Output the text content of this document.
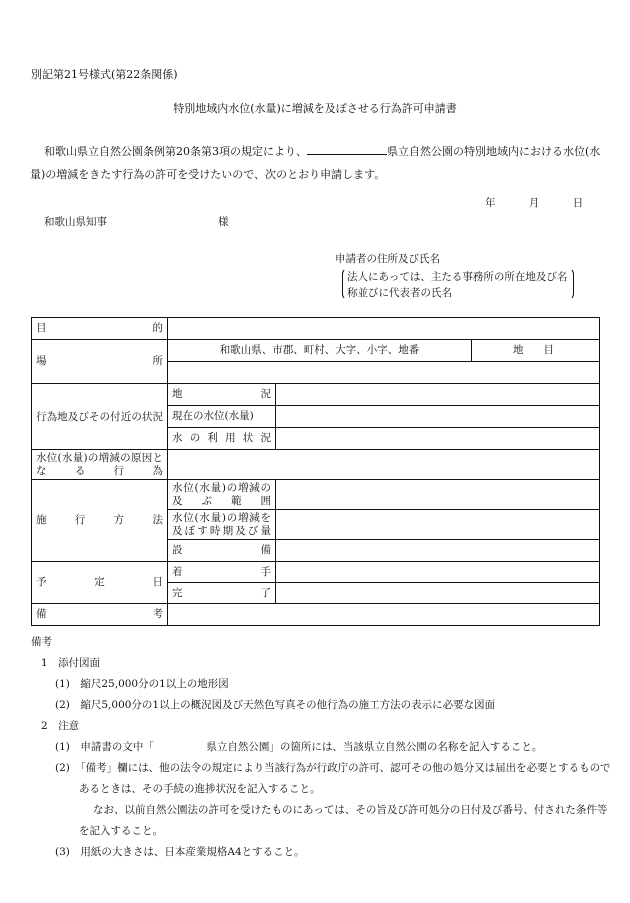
別記第21号様式(第22条関係)
特別地域内水位(水量)に増減を及ぼさせる行為許可申請書
和歌山県立自然公園条例第20条第3項の規定により、	県立自然公園の特別地域内における水位(水量)の増減をきたす行為の許可を受けたいので、次のとおり申請します。
年	月	日
和歌山県知事	様
申請者の住所及び氏名
法人にあっては、主たる事務所の所在地及び名称並びに代表者の氏名
目的			
場所	和歌山県、市郡、町村、大字、小字、地番		地目

行為地及びその付近の状況	地況		
	現在の水位(水量)		
	水の利用状況		
水位(水量)の増減の原因となる行為			
施行方法	水位(水量)の増減の及ぶ範囲		
	水位(水量)の増減を及ぼす時期及び量		
	設備		
予定日	着手		
	完了		
備考			
備考
1　添付図面
(1)　縮尺25,000分の1以上の地形図
(2)　縮尺5,000分の1以上の概況図及び天然色写真その他行為の施工方法の表示に必要な図面
2　注意
(1)　申請書の文中「　　　　　県立自然公園」の箇所には、当該県立自然公園の名称を記入すること。
(2)　「備考」欄には、他の法令の規定により当該行為が行政庁の許可、認可その他の処分又は届出を必要とするものであるときは、その手続の進捗状況を記入すること。
なお、以前自然公園法の許可を受けたものにあっては、その旨及び許可処分の日付及び番号、付された条件等を記入すること。
(3)　用紙の大きさは、日本産業規格A4とすること。
